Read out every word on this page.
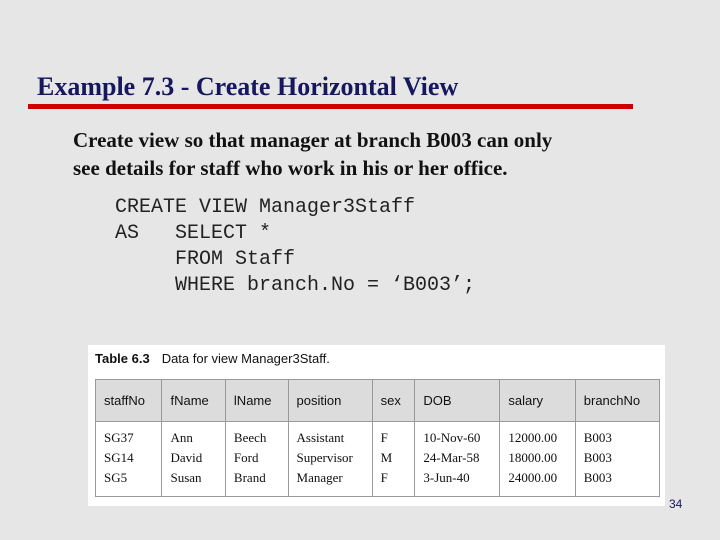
Example 7.3 - Create Horizontal View
Create view so that manager at branch B003 can only
see details for staff who work in his or her office.
CREATE VIEW Manager3Staff
AS   SELECT *
FROM Staff
WHERE branch.No = ‘B003’;
Table 6.3 Data for view Manager3Staff.
staffNo	fName	lName	position	sex	DOB	salary	branchNo
SG37	Ann	Beech	Assistant	F	10-Nov-60	12000.00	B003
SG14	David	Ford	Supervisor	M	24-Mar-58	18000.00	B003
SG5	Susan	Brand	Manager	F	3-Jun-40	24000.00	B003
34
